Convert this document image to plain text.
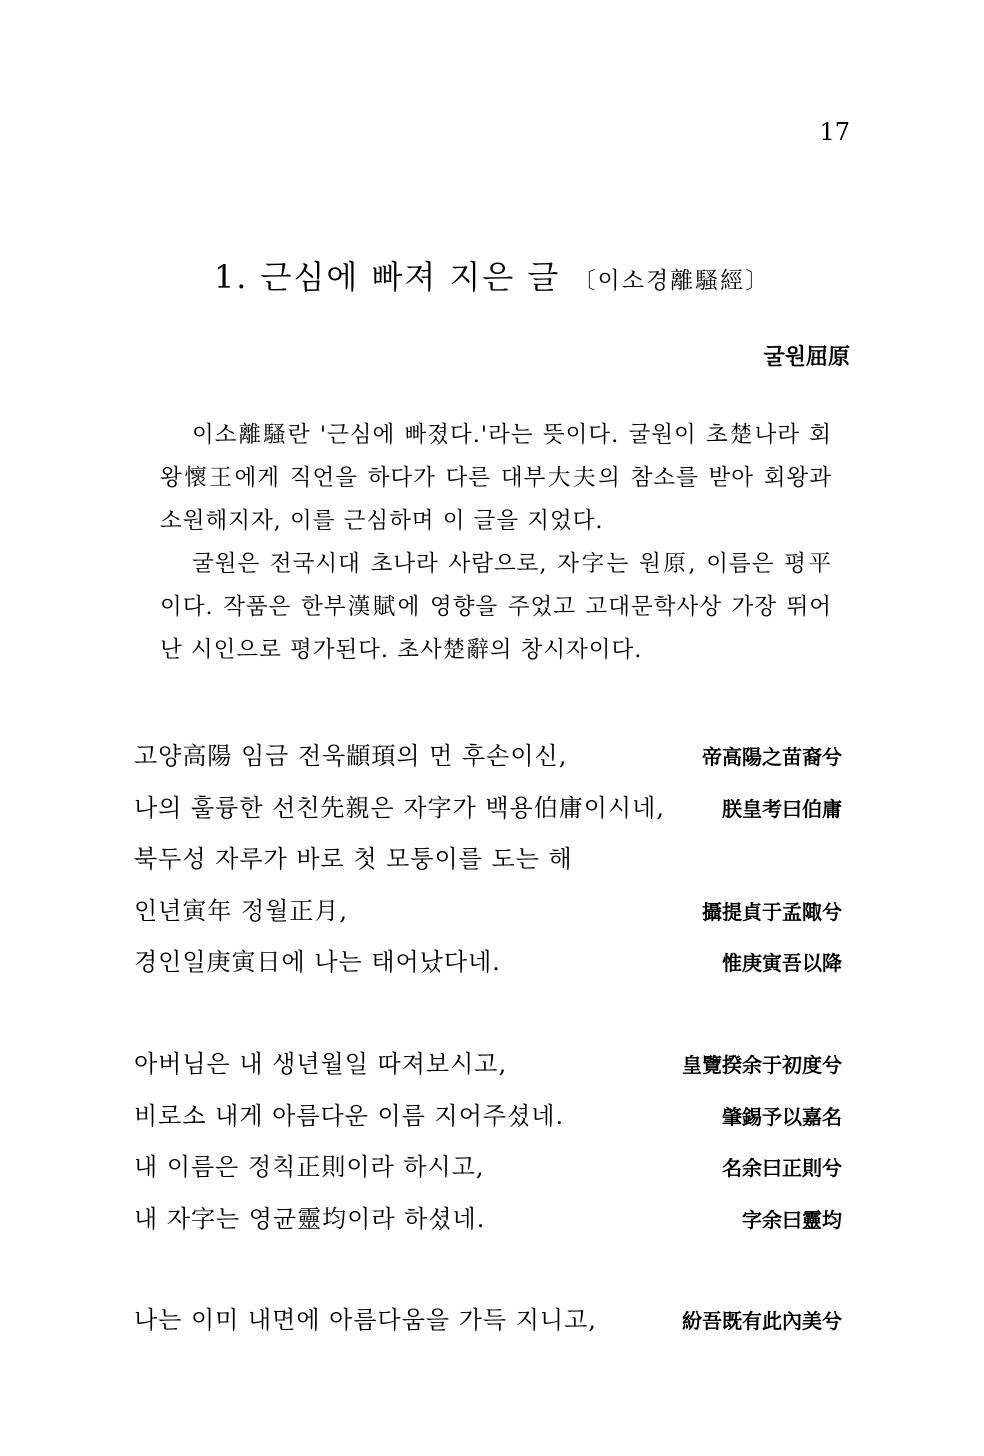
17
1. 근심에 빠져 지은 글 〔이소경離騷經〕
굴원屈原

이소離騷란 '근심에 빠졌다.'라는 뜻이다. 굴원이 초楚나라 회왕懷王에게 직언을 하다가 다른 대부大夫의 참소를 받아 회왕과 소원해지자, 이를 근심하며 이 글을 지었다.

굴원은 전국시대 초나라 사람으로, 자字는 원原, 이름은 평平이다. 작품은 한부漢賦에 영향을 주었고 고대문학사상 가장 뛰어난 시인으로 평가된다. 초사楚辭의 창시자이다.

고양高陽 임금 전욱顓頊의 먼 후손이신,	帝高陽之苗裔兮
나의 훌륭한 선친先親은 자字가 백용伯庸이시네,	朕皇考曰伯庸
북두성 자루가 바로 첫 모퉁이를 도는 해
인년寅年 정월正月,	攝提貞于孟陬兮
경인일庚寅日에 나는 태어났다네.	惟庚寅吾以降
아버님은 내 생년월일 따져보시고,	皇覽揆余于初度兮
비로소 내게 아름다운 이름 지어주셨네.	肇錫予以嘉名
내 이름은 정칙正則이라 하시고,	名余曰正則兮
내 자字는 영균靈均이라 하셨네.	字余曰靈均
나는 이미 내면에 아름다움을 가득 지니고,	紛吾既有此內美兮
